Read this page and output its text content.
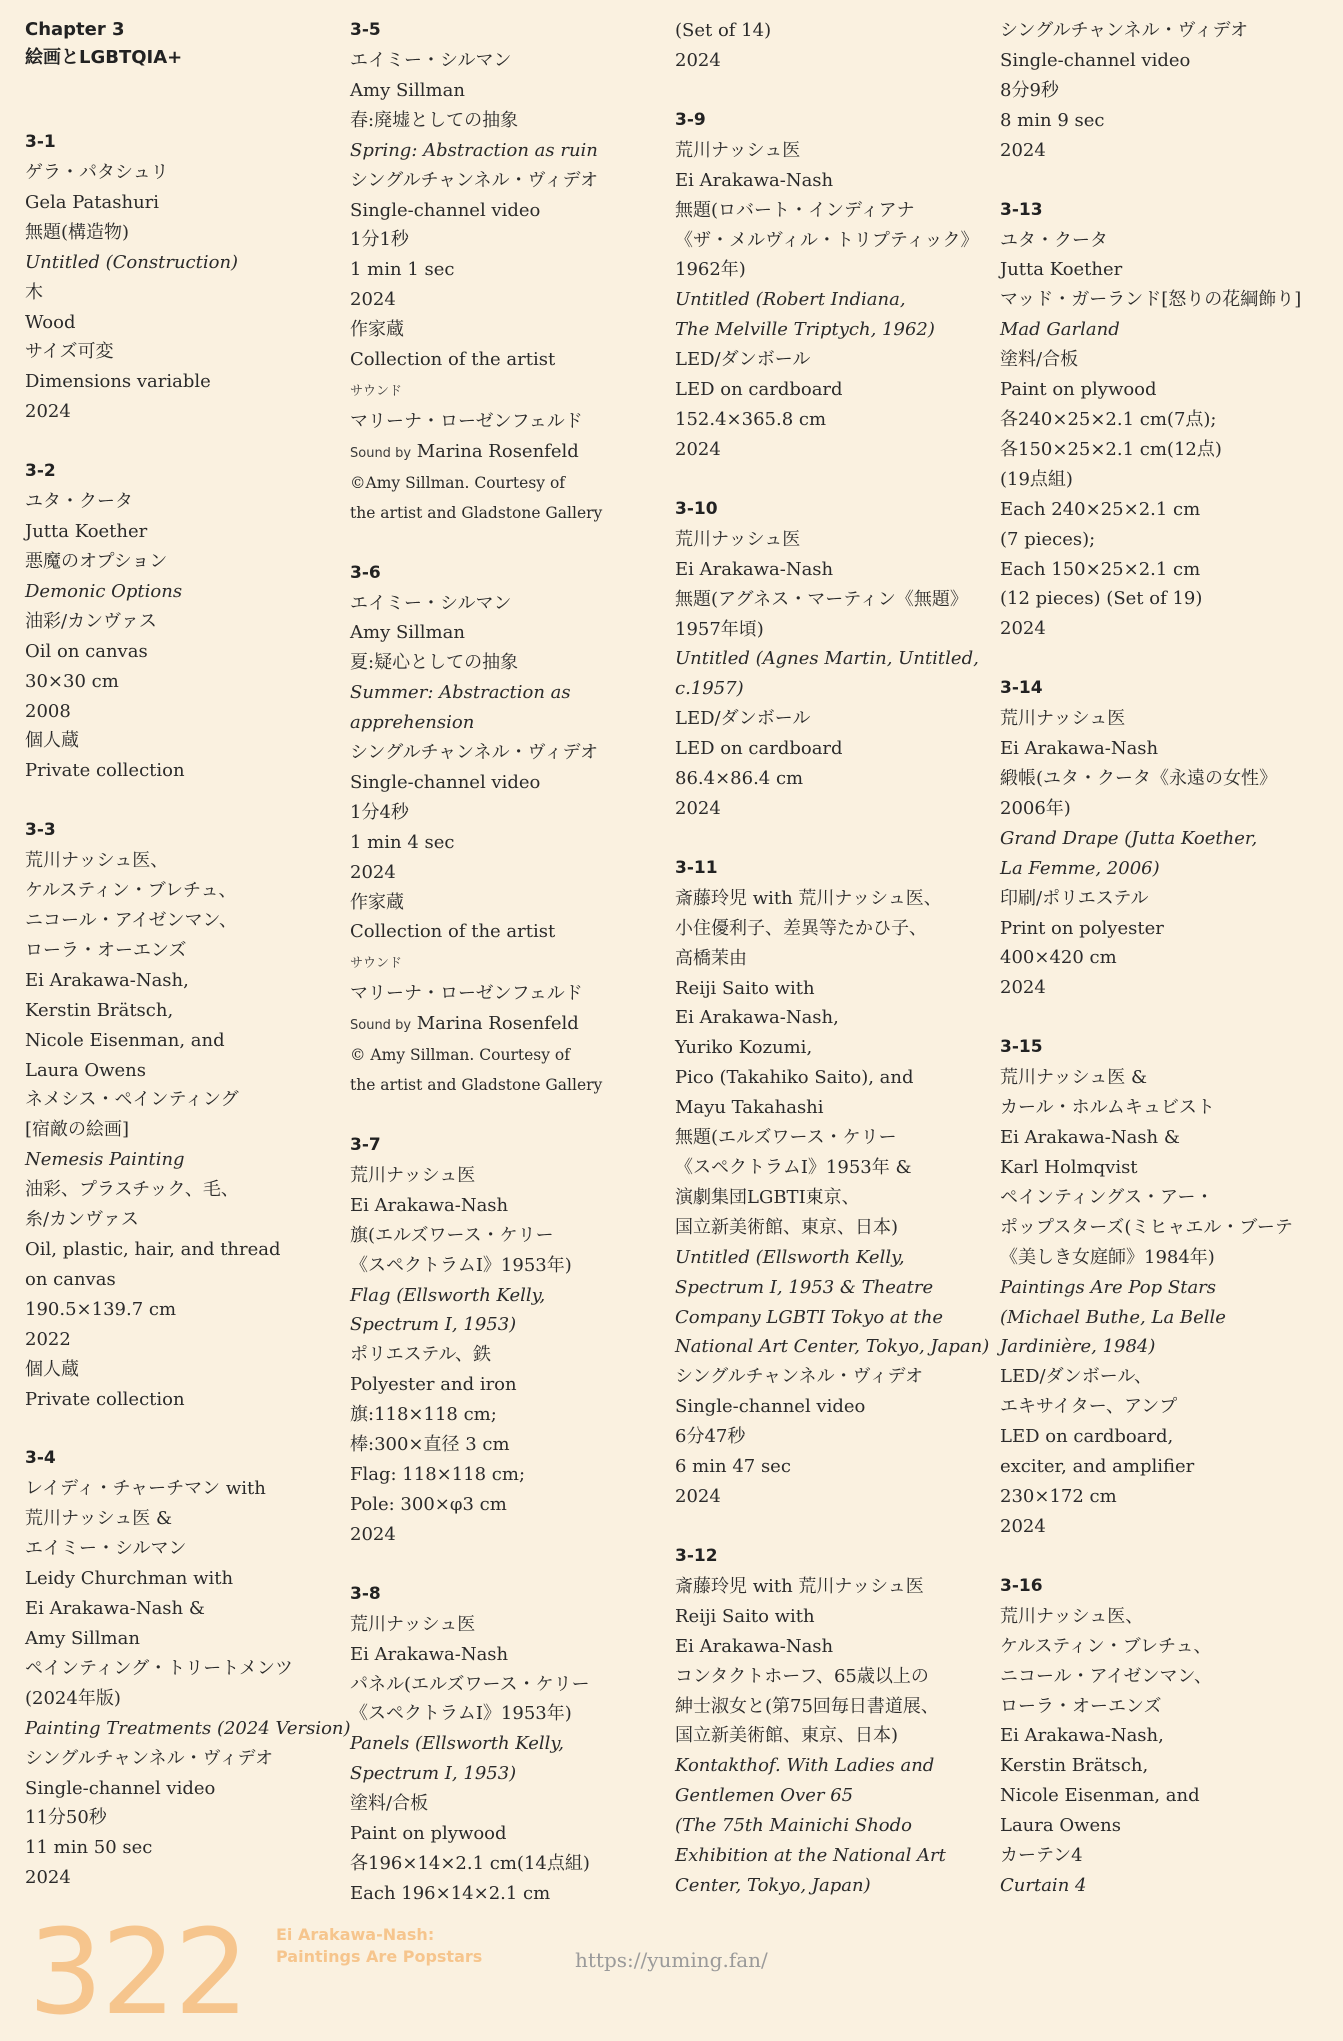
Chapter 3
絵画とLGBTQIA+
3-1
ゲラ・パタシュリ
Gela Patashuri
無題(構造物)
Untitled (Construction)
木
Wood
サイズ可変
Dimensions variable
2024
3-2
ユタ・クータ
Jutta Koether
悪魔のオプション
Demonic Options
油彩/カンヴァス
Oil on canvas
30×30 cm
2008
個人蔵
Private collection
3-3
荒川ナッシュ医、
ケルスティン・ブレチュ、
ニコール・アイゼンマン、
ローラ・オーエンズ
Ei Arakawa-Nash,
Kerstin Brätsch,
Nicole Eisenman, and
Laura Owens
ネメシス・ペインティング
[宿敵の絵画]
Nemesis Painting
油彩、プラスチック、毛、
糸/カンヴァス
Oil, plastic, hair, and thread
on canvas
190.5×139.7 cm
2022
個人蔵
Private collection
3-4
レイディ・チャーチマン with
荒川ナッシュ医 &
エイミー・シルマン
Leidy Churchman with
Ei Arakawa-Nash &
Amy Sillman
ペインティング・トリートメンツ
(2024年版)
Painting Treatments (2024 Version)
シングルチャンネル・ヴィデオ
Single-channel video
11分50秒
11 min 50 sec
2024
3-5
エイミー・シルマン
Amy Sillman
春:廃墟としての抽象
Spring: Abstraction as ruin
シングルチャンネル・ヴィデオ
Single-channel video
1分1秒
1 min 1 sec
2024
作家蔵
Collection of the artist
サウンド
マリーナ・ローゼンフェルド
Sound by Marina Rosenfeld
©Amy Sillman. Courtesy of
the artist and Gladstone Gallery
3-6
エイミー・シルマン
Amy Sillman
夏:疑心としての抽象
Summer: Abstraction as
apprehension
シングルチャンネル・ヴィデオ
Single-channel video
1分4秒
1 min 4 sec
2024
作家蔵
Collection of the artist
サウンド
マリーナ・ローゼンフェルド
Sound by Marina Rosenfeld
© Amy Sillman. Courtesy of
the artist and Gladstone Gallery
3-7
荒川ナッシュ医
Ei Arakawa-Nash
旗(エルズワース・ケリー
《スペクトラムI》1953年)
Flag (Ellsworth Kelly,
Spectrum I, 1953)
ポリエステル、鉄
Polyester and iron
旗:118×118 cm;
棒:300×直径 3 cm
Flag: 118×118 cm;
Pole: 300×φ3 cm
2024
3-8
荒川ナッシュ医
Ei Arakawa-Nash
パネル(エルズワース・ケリー
《スペクトラムI》1953年)
Panels (Ellsworth Kelly,
Spectrum I, 1953)
塗料/合板
Paint on plywood
各196×14×2.1 cm(14点組)
Each 196×14×2.1 cm
(Set of 14)
2024
3-9
荒川ナッシュ医
Ei Arakawa-Nash
無題(ロバート・インディアナ
《ザ・メルヴィル・トリプティック》
1962年)
Untitled (Robert Indiana,
The Melville Triptych, 1962)
LED/ダンボール
LED on cardboard
152.4×365.8 cm
2024
3-10
荒川ナッシュ医
Ei Arakawa-Nash
無題(アグネス・マーティン《無題》
1957年頃)
Untitled (Agnes Martin, Untitled,
c.1957)
LED/ダンボール
LED on cardboard
86.4×86.4 cm
2024
3-11
斎藤玲児 with 荒川ナッシュ医、
小住優利子、差異等たかひ子、
高橋茉由
Reiji Saito with
Ei Arakawa-Nash,
Yuriko Kozumi,
Pico (Takahiko Saito), and
Mayu Takahashi
無題(エルズワース・ケリー
《スペクトラムI》1953年 &
演劇集団LGBTI東京、
国立新美術館、東京、日本)
Untitled (Ellsworth Kelly,
Spectrum I, 1953 & Theatre
Company LGBTI Tokyo at the
National Art Center, Tokyo, Japan)
シングルチャンネル・ヴィデオ
Single-channel video
6分47秒
6 min 47 sec
2024
3-12
斎藤玲児 with 荒川ナッシュ医
Reiji Saito with
Ei Arakawa-Nash
コンタクトホーフ、65歳以上の
紳士淑女と(第75回毎日書道展、
国立新美術館、東京、日本)
Kontakthof. With Ladies and
Gentlemen Over 65
(The 75th Mainichi Shodo
Exhibition at the National Art
Center, Tokyo, Japan)
シングルチャンネル・ヴィデオ
Single-channel video
8分9秒
8 min 9 sec
2024
3-13
ユタ・クータ
Jutta Koether
マッド・ガーランド[怒りの花綱飾り]
Mad Garland
塗料/合板
Paint on plywood
各240×25×2.1 cm(7点);
各150×25×2.1 cm(12点)
(19点組)
Each 240×25×2.1 cm
(7 pieces);
Each 150×25×2.1 cm
(12 pieces) (Set of 19)
2024
3-14
荒川ナッシュ医
Ei Arakawa-Nash
緞帳(ユタ・クータ《永遠の女性》
2006年)
Grand Drape (Jutta Koether,
La Femme, 2006)
印刷/ポリエステル
Print on polyester
400×420 cm
2024
3-15
荒川ナッシュ医 &
カール・ホルムキュビスト
Ei Arakawa-Nash &
Karl Holmqvist
ペインティングス・アー・
ポップスターズ(ミヒャエル・ブーテ
《美しき女庭師》1984年)
Paintings Are Pop Stars
(Michael Buthe, La Belle
Jardinière, 1984)
LED/ダンボール、
エキサイター、アンプ
LED on cardboard,
exciter, and amplifier
230×172 cm
2024
3-16
荒川ナッシュ医、
ケルスティン・ブレチュ、
ニコール・アイゼンマン、
ローラ・オーエンズ
Ei Arakawa-Nash,
Kerstin Brätsch,
Nicole Eisenman, and
Laura Owens
カーテン4
Curtain 4
322 Ei Arakawa-Nash:
Paintings Are Popstars	https://yuming.fan/
